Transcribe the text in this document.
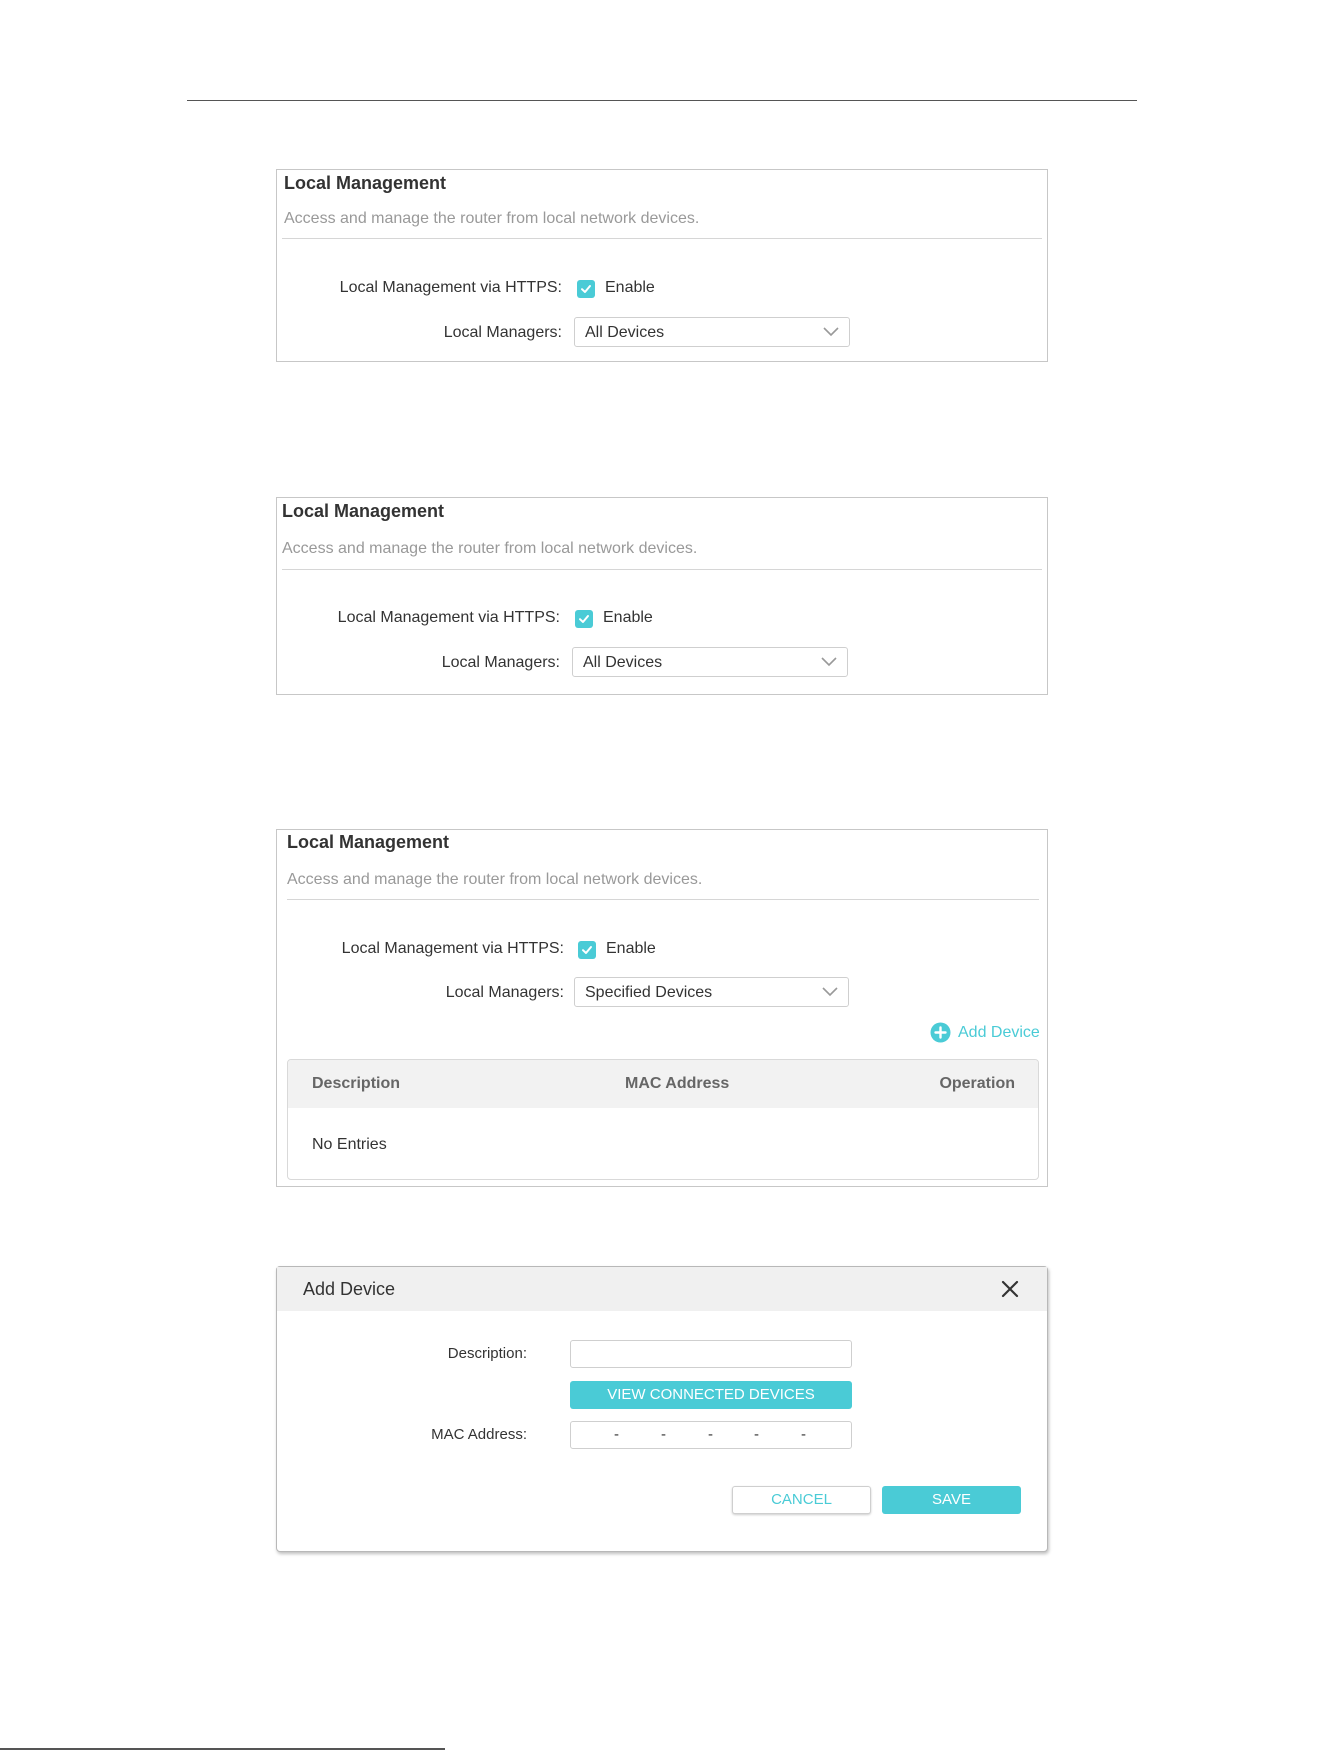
Local Management
Access and manage the router from local network devices.
Local Management via HTTPS:	Enable
Local Managers: All Devices
Local Management
Access and manage the router from local network devices.
Local Management via HTTPS:	Enable
Local Managers: All Devices
Local Management
Access and manage the router from local network devices.
Local Management via HTTPS:	Enable
Local Managers: Specified Devices
Add Device
Description	MAC Address	Operation
No Entries
Add Device
Description:
VIEW CONNECTED DEVICES
MAC Address:	-	-	-	-	-
CANCEL	SAVE
